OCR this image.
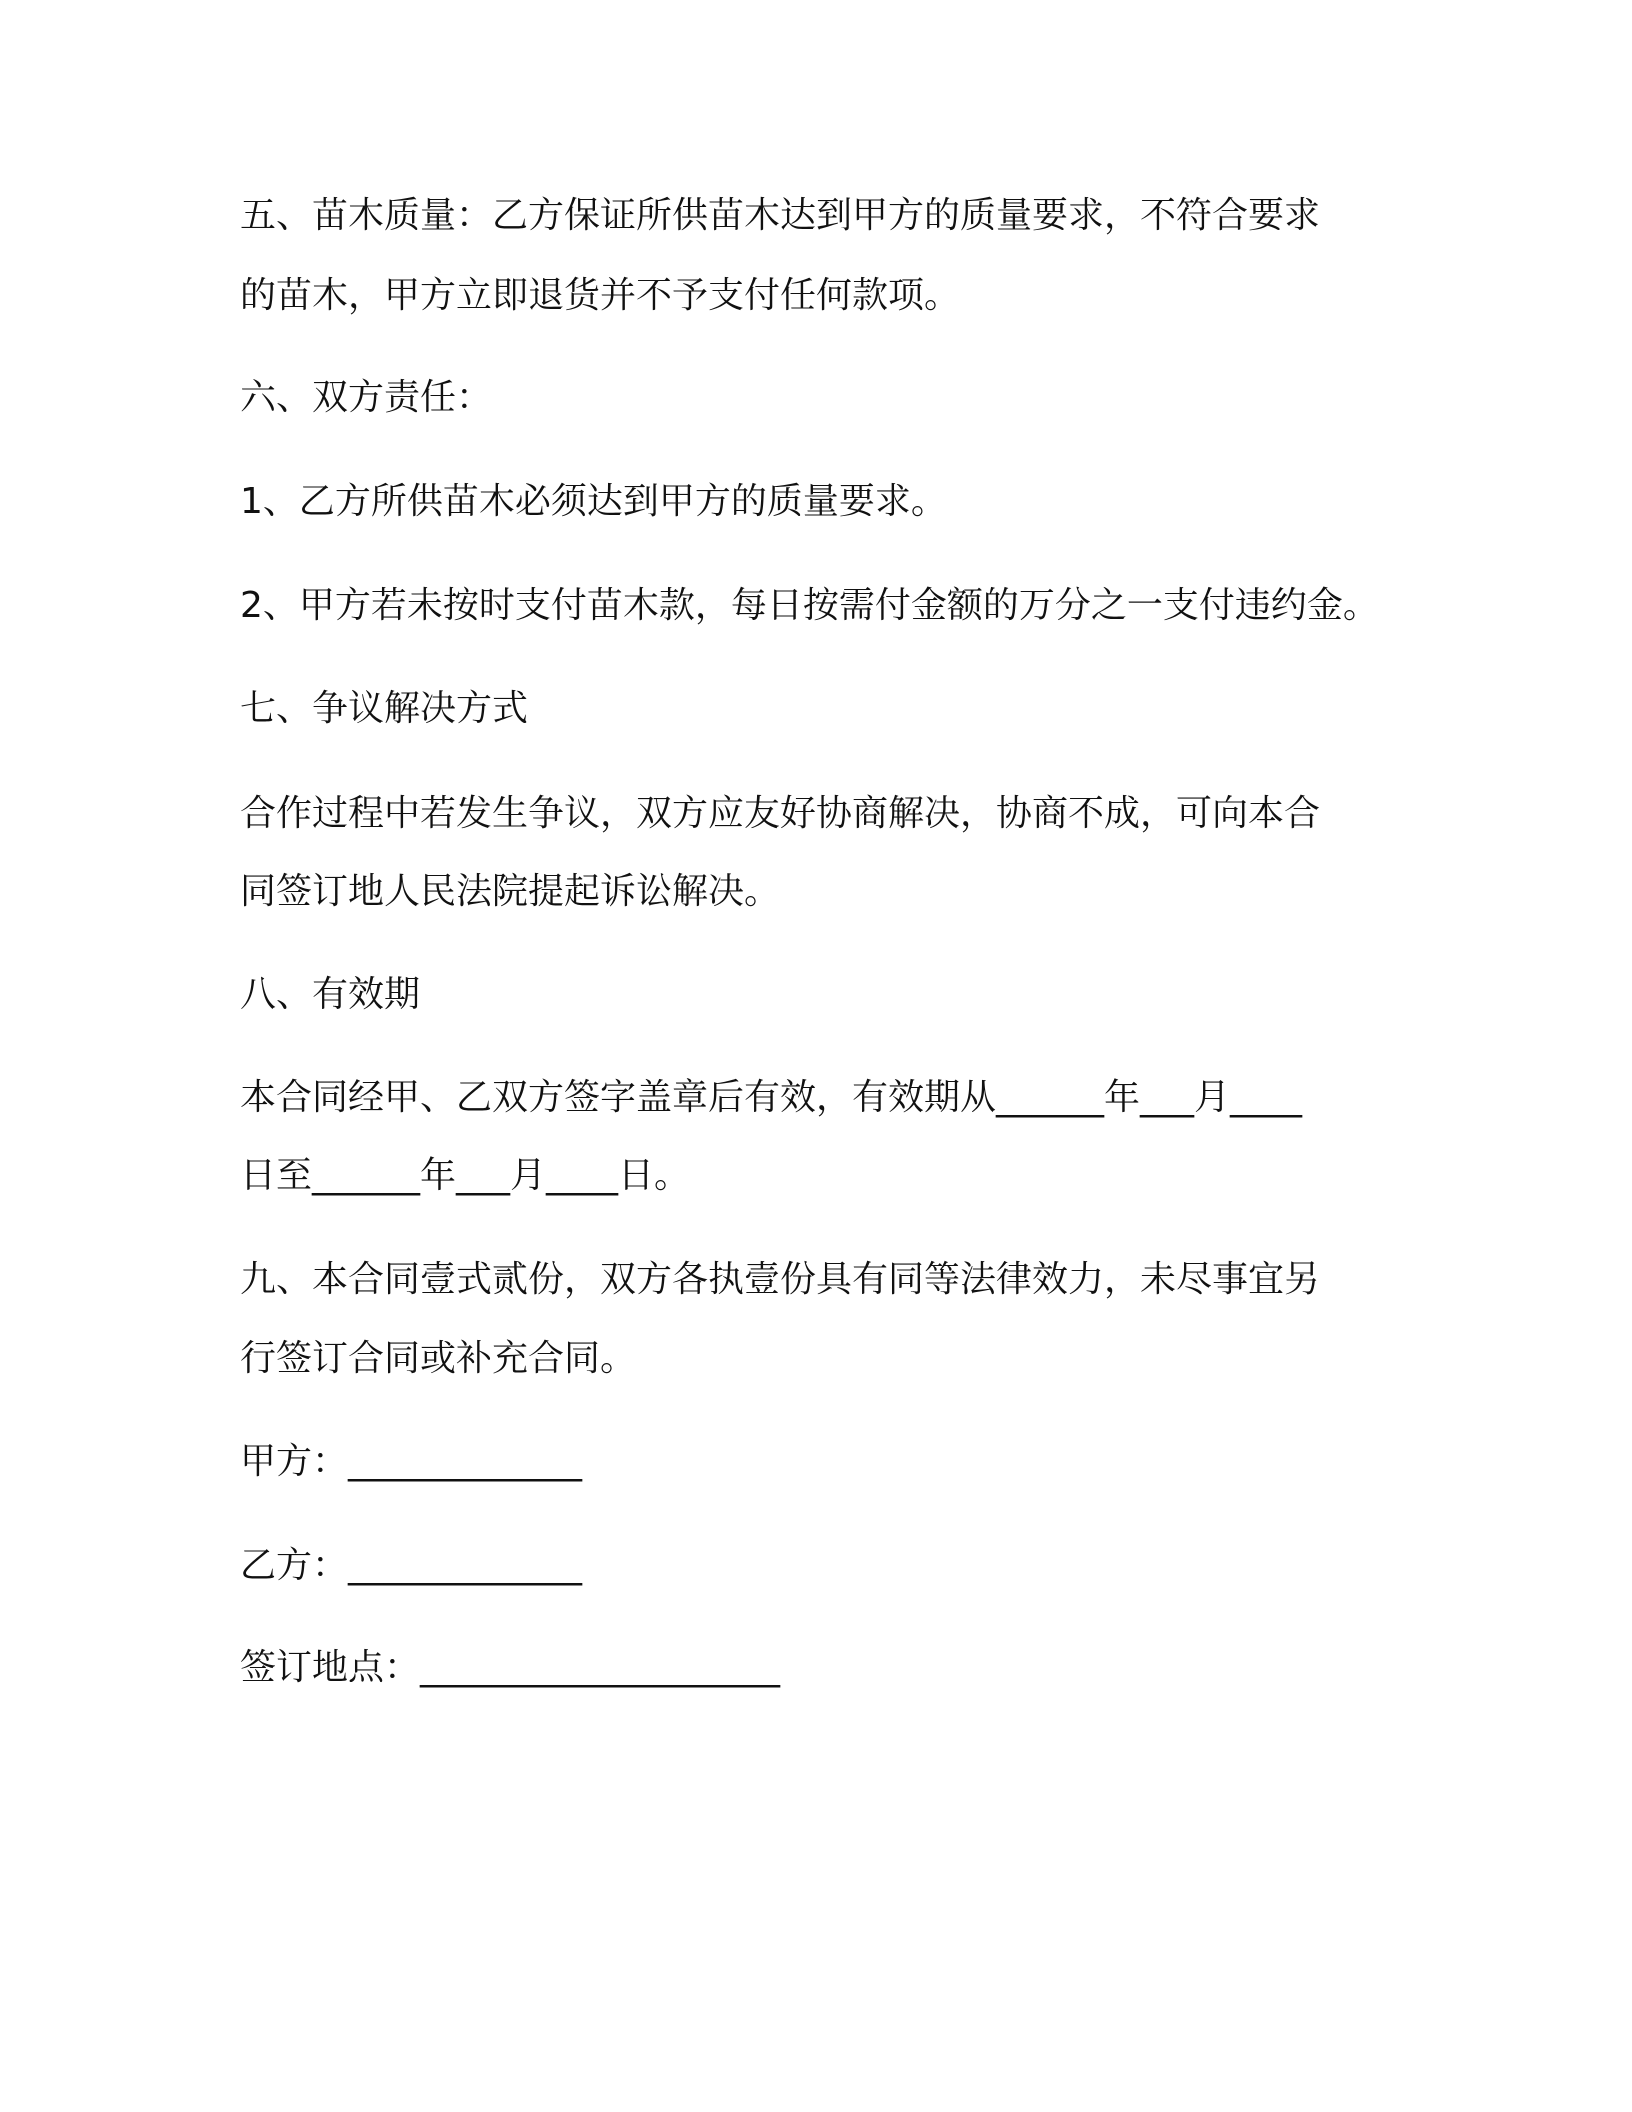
五、苗木质量：乙方保证所供苗木达到甲方的质量要求，不符合要求
的苗木，甲方立即退货并不予支付任何款项。
六、双方责任：
1、乙方所供苗木必须达到甲方的质量要求。
2、甲方若未按时支付苗木款，每日按需付金额的万分之一支付违约金。
七、争议解决方式
合作过程中若发生争议，双方应友好协商解决，协商不成，可向本合
同签订地人民法院提起诉讼解决。
八、有效期
本合同经甲、乙双方签字盖章后有效，有效期从______年___月____
日至______年___月____日。
九、本合同壹式贰份，双方各执壹份具有同等法律效力，未尽事宜另
行签订合同或补充合同。
甲方：_____________
乙方：_____________
签订地点：____________________
